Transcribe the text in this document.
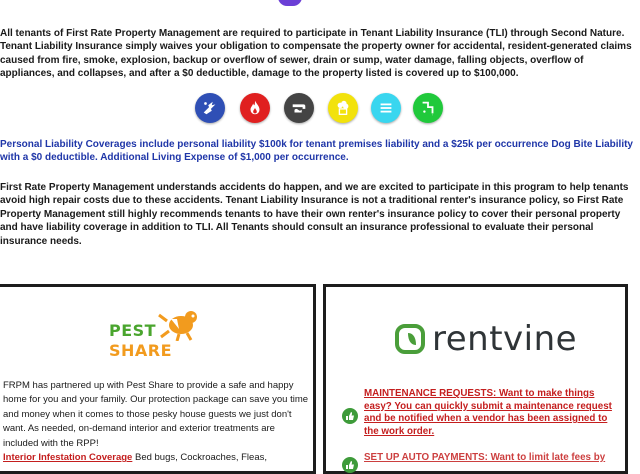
All tenants of First Rate Property Management are required to participate in Tenant Liability Insurance (TLI) through Second Nature. Tenant Liability Insurance simply waives your obligation to compensate the property owner for accidental, resident-generated claims caused from fire, smoke, explosion, backup or overflow of sewer, drain or sump, water damage, falling objects, overflow of appliances, and collapses, and after a $0 deductible, damage to the property listed is covered up to $100,000.

Personal Liability Coverages include personal liability $100k for tenant premises liability and a $25k per occurrence Dog Bite Liability with a $0 deductible. Additional Living Expense of $1,000 per occurrence.

First Rate Property Management understands accidents do happen, and we are excited to participate in this program to help tenants avoid high repair costs due to these accidents. Tenant Liability Insurance is not a traditional renter's insurance policy, so First Rate Property Management still highly recommends tenants to have their own renter's insurance policy to cover their personal property and have liability coverage in addition to TLI. All Tenants should consult an insurance professional to evaluate their personal insurance needs.

PEST
SHARE
FRPM has partnered up with Pest Share to provide a safe and happy home for you and your family. Our protection package can save you time and money when it comes to those pesky house guests we just don't want. As needed, on-demand interior and exterior treatments are included with the RPP!
Interior Infestation Coverage Bed bugs, Cockroaches, Fleas,
rentvine
MAINTENANCE REQUESTS: Want to make things easy? You can quickly submit a maintenance request and be notified when a vendor has been assigned to the work order.
SET UP AUTO PAYMENTS: Want to limit late fees by
